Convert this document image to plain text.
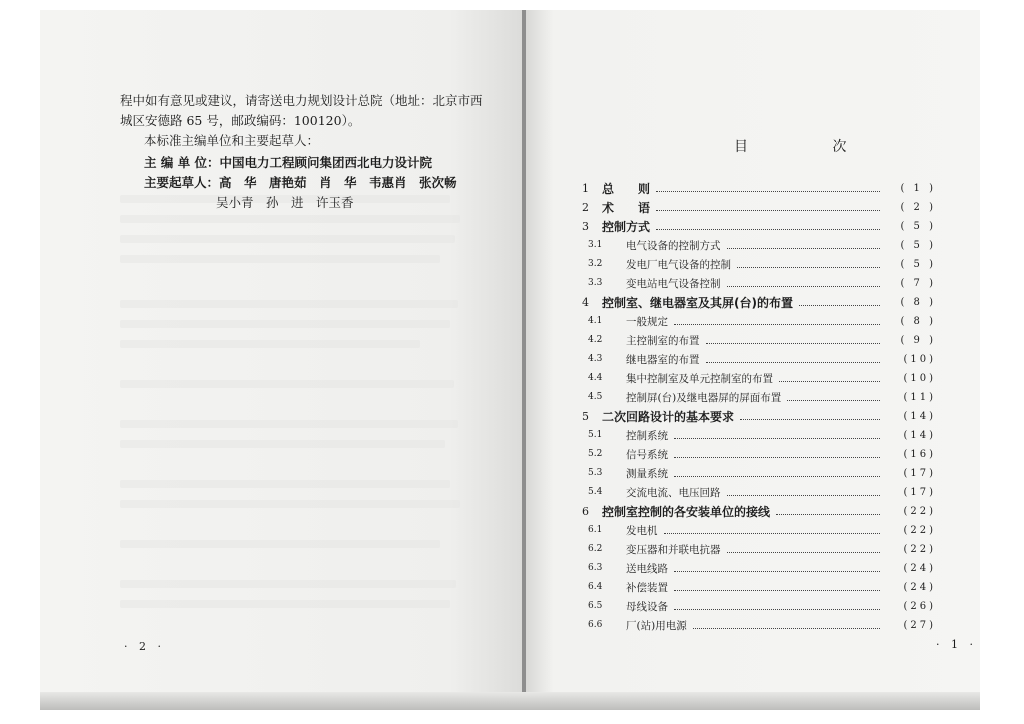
程中如有意见或建议，请寄送电力规划设计总院（地址：北京市西
城区安德路 65 号，邮政编码：100120）。
本标准主编单位和主要起草人：
主 编 单 位：中国电力工程顾问集团西北电力设计院
主要起草人：高　华　唐艳茹　肖　华　韦惠肖　张次畅
吴小青　孙　进　许玉香
· 2 ·
目 次
1	总　　则	( 1 )
2	术　　语	( 2 )
3	控制方式	( 5 )
3.1	电气设备的控制方式	( 5 )
3.2	发电厂电气设备的控制	( 5 )
3.3	变电站电气设备控制	( 7 )
4	控制室、继电器室及其屏(台)的布置	( 8 )
4.1	一般规定	( 8 )
4.2	主控制室的布置	( 9 )
4.3	继电器室的布置	(10)
4.4	集中控制室及单元控制室的布置	(10)
4.5	控制屏(台)及继电器屏的屏面布置	(11)
5	二次回路设计的基本要求	(14)
5.1	控制系统	(14)
5.2	信号系统	(16)
5.3	测量系统	(17)
5.4	交流电流、电压回路	(17)
6	控制室控制的各安装单位的接线	(22)
6.1	发电机	(22)
6.2	变压器和并联电抗器	(22)
6.3	送电线路	(24)
6.4	补偿装置	(24)
6.5	母线设备	(26)
6.6	厂(站)用电源	(27)
· 1 ·
